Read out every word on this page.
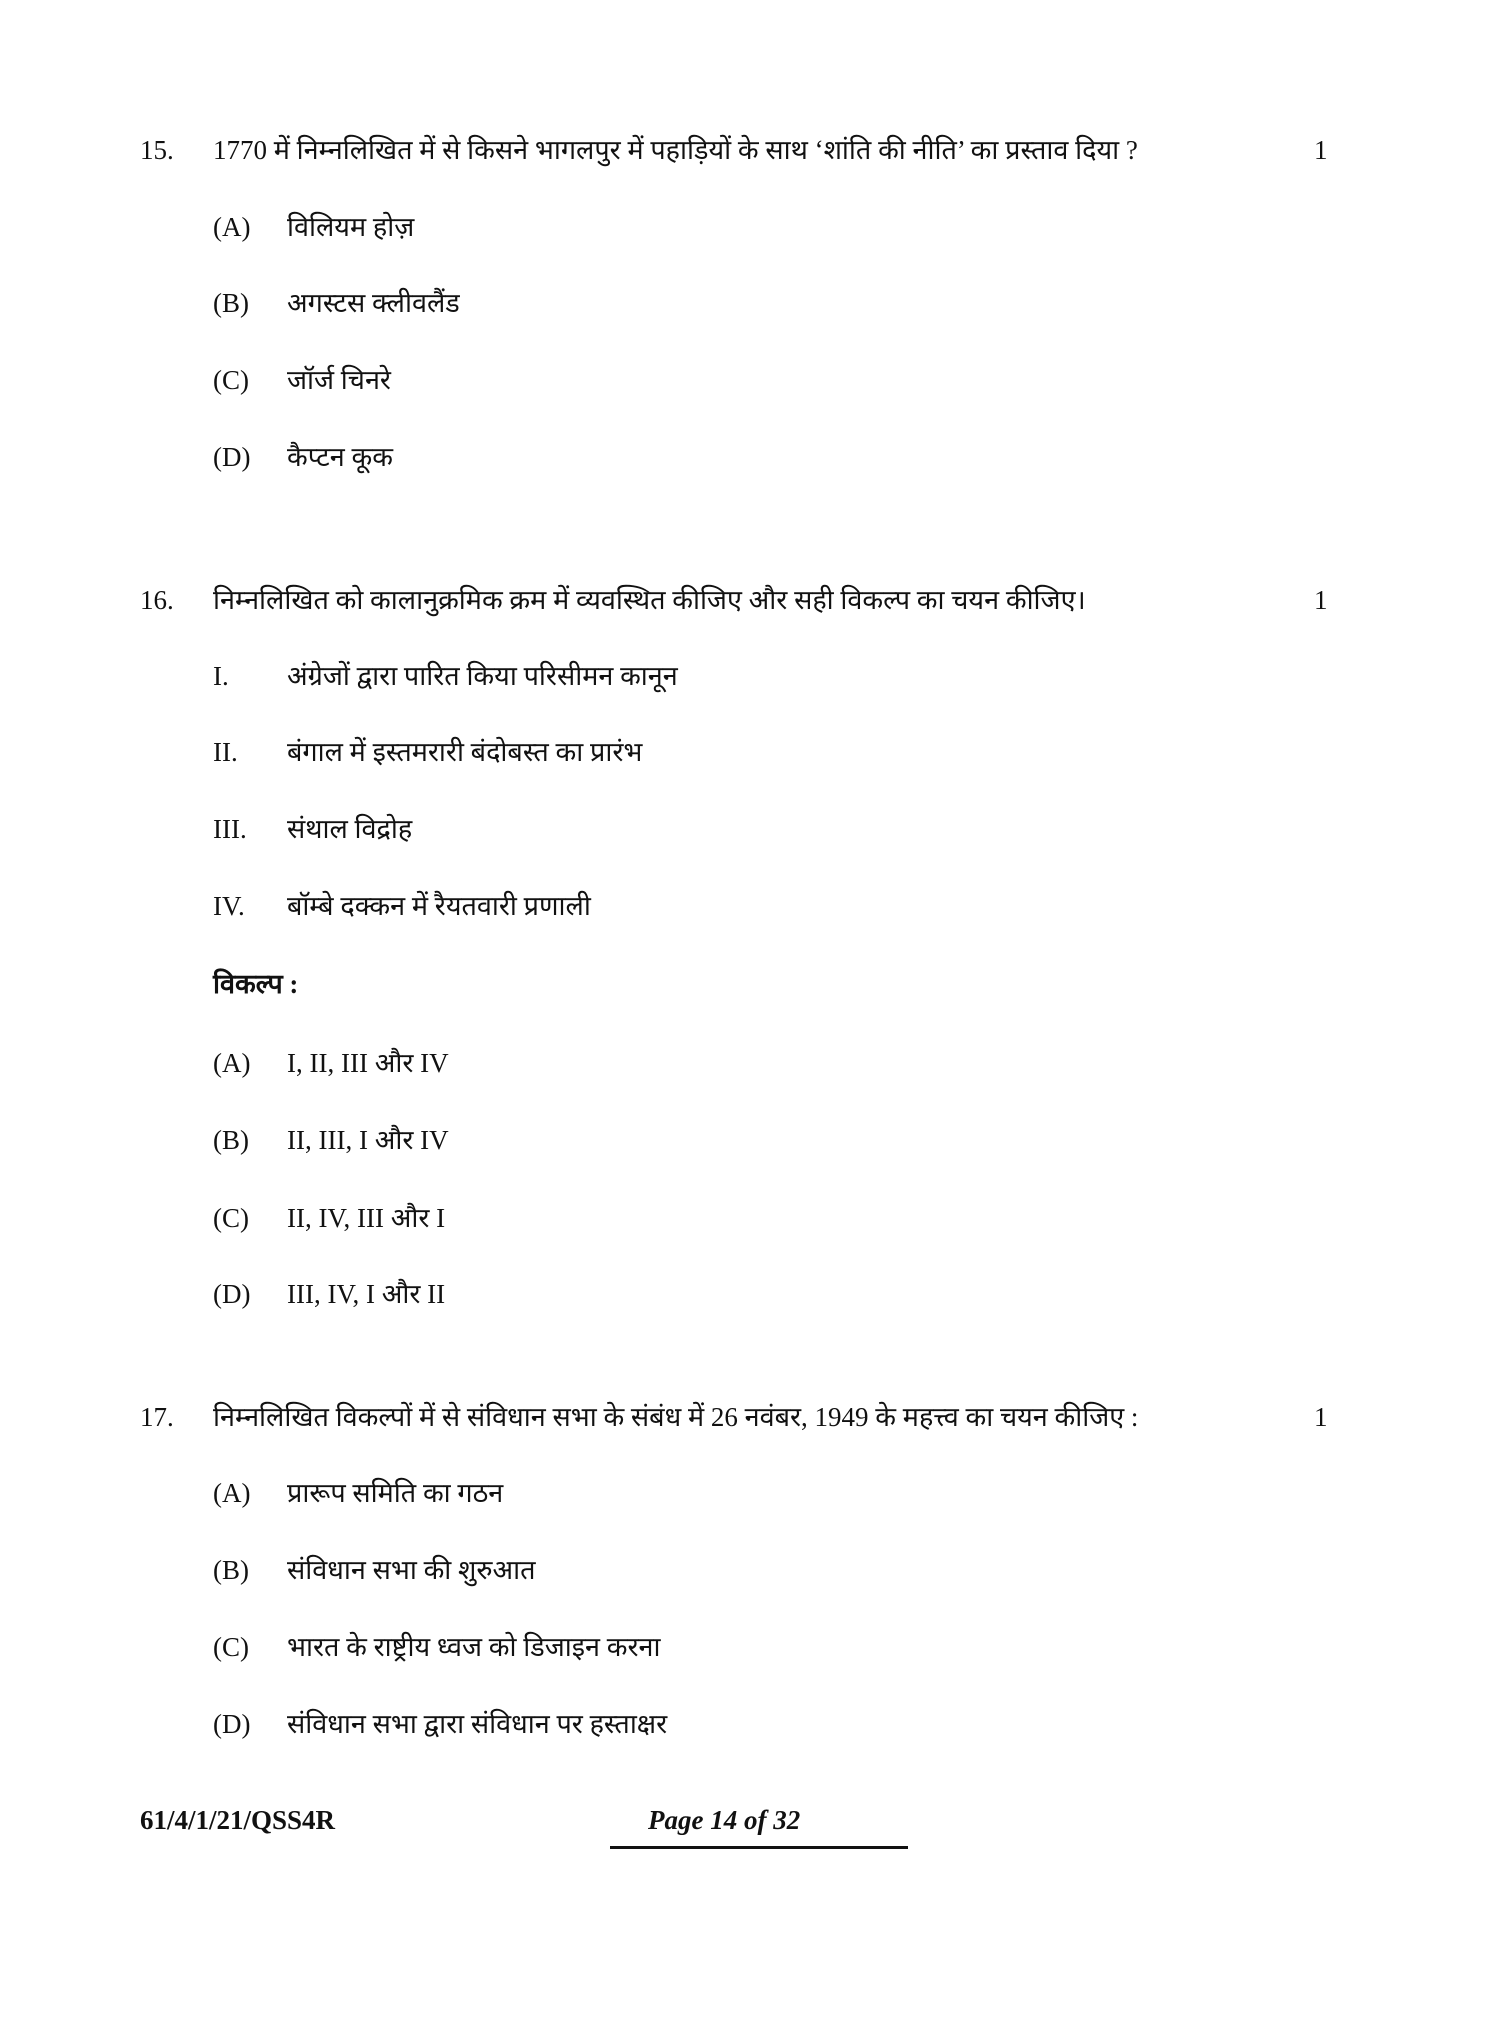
15. 1770 में निम्नलिखित में से किसने भागलपुर में पहाड़ियों के साथ ‘शांति की नीति’ का प्रस्ताव दिया ?	1
(A) विलियम होज़
(B) अगस्टस क्लीवलैंड
(C) जॉर्ज चिनरे
(D) कैप्टन कूक
16. निम्नलिखित को कालानुक्रमिक क्रम में व्यवस्थित कीजिए और सही विकल्प का चयन कीजिए।	1
I. अंग्रेजों द्वारा पारित किया परिसीमन कानून
II. बंगाल में इस्तमरारी बंदोबस्त का प्रारंभ
III. संथाल विद्रोह
IV. बॉम्बे दक्कन में रैयतवारी प्रणाली
विकल्प :
(A) I, II, III और IV
(B) II, III, I और IV
(C) II, IV, III और I
(D) III, IV, I और II
17. निम्नलिखित विकल्पों में से संविधान सभा के संबंध में 26 नवंबर, 1949 के महत्त्व का चयन कीजिए :	1
(A) प्रारूप समिति का गठन
(B) संविधान सभा की शुरुआत
(C) भारत के राष्ट्रीय ध्वज को डिजाइन करना
(D) संविधान सभा द्वारा संविधान पर हस्ताक्षर
61/4/1/21/QSS4R	Page 14 of 32
